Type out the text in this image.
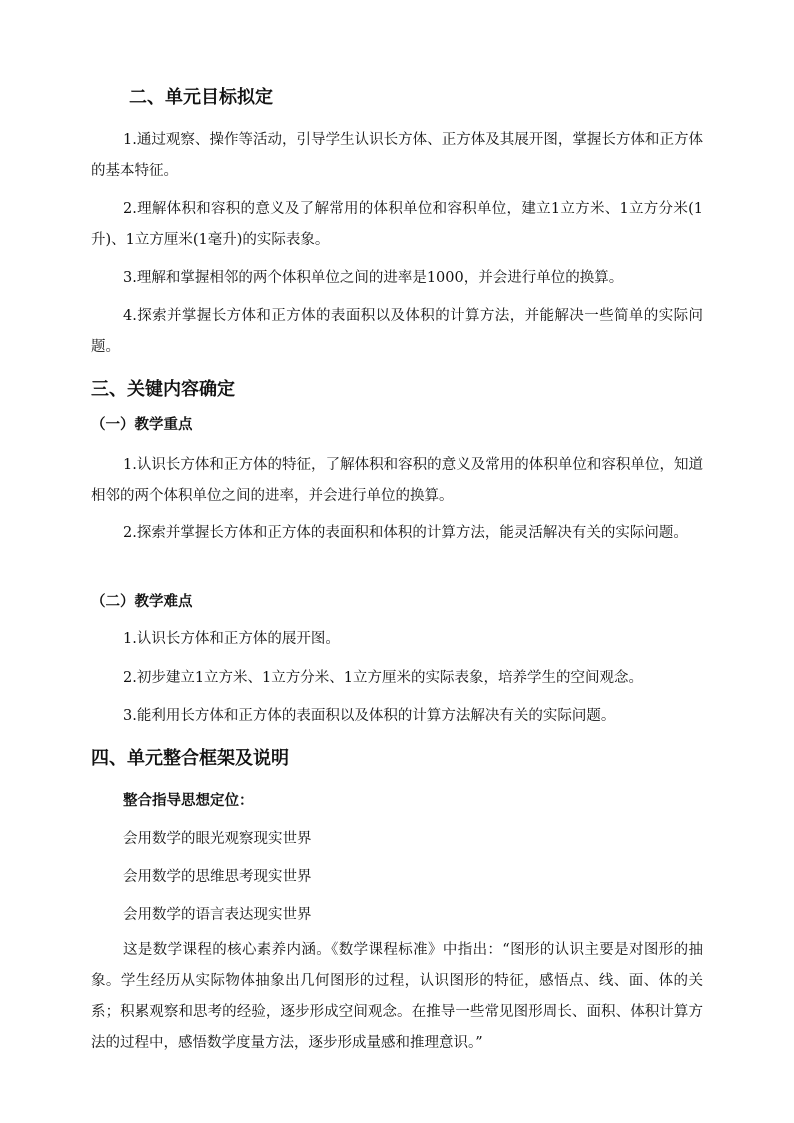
二、单元目标拟定

1.通过观察、操作等活动，引导学生认识长方体、正方体及其展开图，掌握长方体和正方体的基本特征。

2.理解体积和容积的意义及了解常用的体积单位和容积单位，建立1立方米、1立方分米(1升)、1立方厘米(1毫升)的实际表象。

3.理解和掌握相邻的两个体积单位之间的进率是1000，并会进行单位的换算。

4.探索并掌握长方体和正方体的表面积以及体积的计算方法，并能解决一些简单的实际问题。

三、关键内容确定
（一）教学重点

1.认识长方体和正方体的特征，了解体积和容积的意义及常用的体积单位和容积单位，知道相邻的两个体积单位之间的进率，并会进行单位的换算。

2.探索并掌握长方体和正方体的表面积和体积的计算方法，能灵活解决有关的实际问题。

（二）教学难点

1.认识长方体和正方体的展开图。

2.初步建立1立方米、1立方分米、1立方厘米的实际表象，培养学生的空间观念。

3.能利用长方体和正方体的表面积以及体积的计算方法解决有关的实际问题。

四、单元整合框架及说明
整合指导思想定位：

会用数学的眼光观察现实世界

会用数学的思维思考现实世界

会用数学的语言表达现实世界

这是数学课程的核心素养内涵。《数学课程标准》中指出：“图形的认识主要是对图形的抽象。学生经历从实际物体抽象出几何图形的过程，认识图形的特征，感悟点、线、面、体的关系；积累观察和思考的经验，逐步形成空间观念。在推导一些常见图形周长、面积、体积计算方法的过程中，感悟数学度量方法，逐步形成量感和推理意识。”
